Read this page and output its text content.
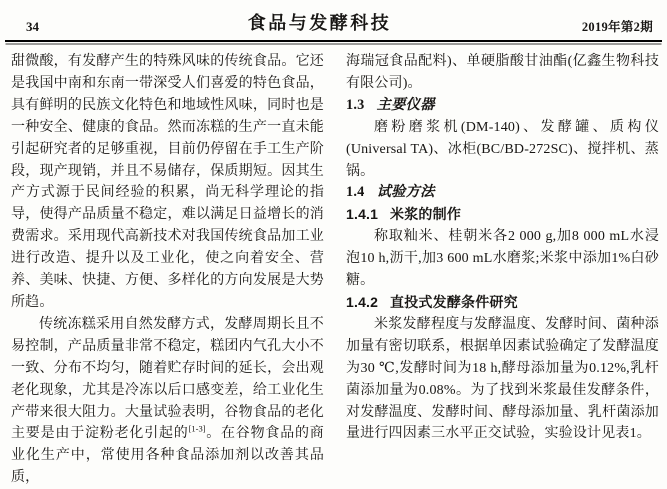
34	食品与发酵科技	2019年第2期

甜微酸，有发酵产生的特殊风味的传统食品。它还是我国中南和东南一带深受人们喜爱的特色食品，具有鲜明的民族文化特色和地域性风味，同时也是一种安全、健康的食品。然而冻糕的生产一直未能引起研究者的足够重视，目前仍停留在手工生产阶段，现产现销，并且不易储存，保质期短。因其生产方式源于民间经验的积累，尚无科学理论的指导，使得产品质量不稳定，难以满足日益增长的消费需求。采用现代高新技术对我国传统食品加工业进行改造、提升以及工业化，使之向着安全、营养、美味、快捷、方便、多样化的方向发展是大势所趋。

传统冻糕采用自然发酵方式，发酵周期长且不易控制，产品质量非常不稳定，糕团内气孔大小不一致、分布不均匀，随着贮存时间的延长，会出观老化现象，尤其是冷冻以后口感变差，给工业化生产带来很大阻力。大量试验表明，谷物食品的老化主要是由于淀粉老化引起的[1-3]。在谷物食品的商业化生产中，常使用各种食品添加剂以改善其品质，

海瑞冠食品配料)、单硬脂酸甘油酯(亿鑫生物科技有限公司)。

1.3 主要仪器

磨粉磨浆机(DM-140)、发酵罐、质构仪(Universal TA)、冰柜(BC/BD-272SC)、搅拌机、蒸锅。

1.4 试验方法
1.4.1 米浆的制作

称取籼米、桂朝米各2 000 g,加8 000 mL水浸泡10 h,沥干,加3 600 mL水磨浆;米浆中添加1%白砂糖。

1.4.2 直投式发酵条件研究

米浆发酵程度与发酵温度、发酵时间、菌种添加量有密切联系，根据单因素试验确定了发酵温度为30 ℃,发酵时间为18 h,酵母添加量为0.12%,乳杆菌添加量为0.08%。为了找到米浆最佳发酵条件，对发酵温度、发酵时间、酵母添加量、乳杆菌添加量进行四因素三水平正交试验，实验设计见表1。
